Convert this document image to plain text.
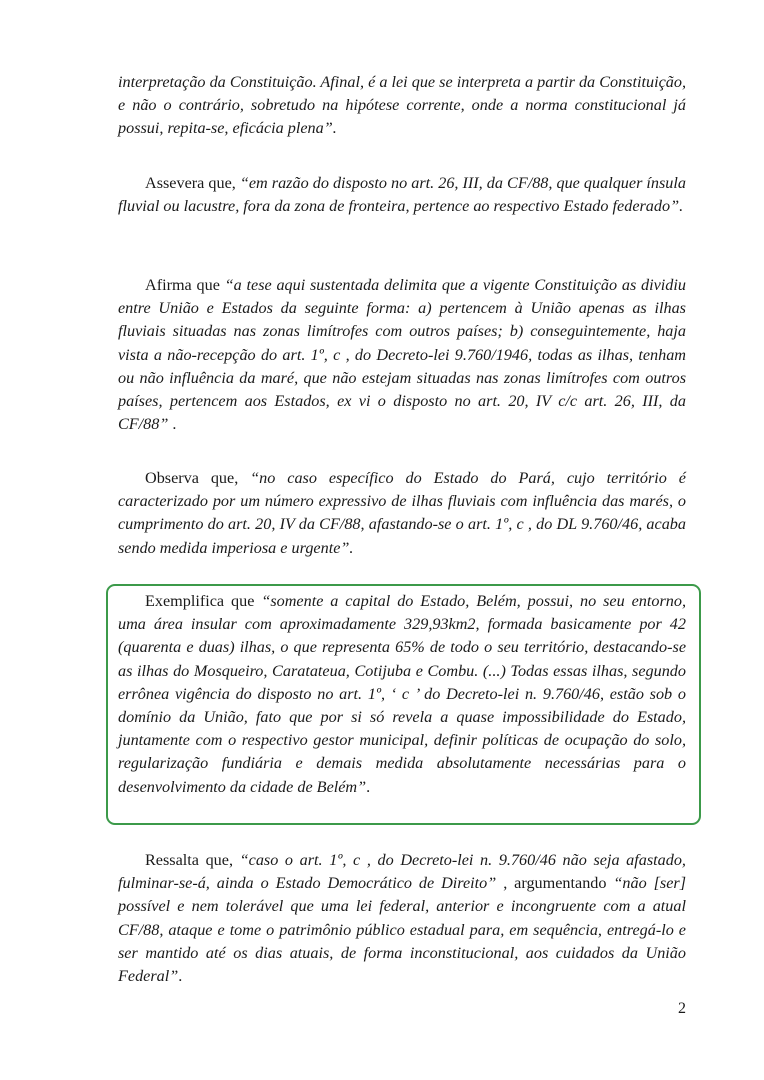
interpretação da Constituição. Afinal, é a lei que se interpreta a partir da Constituição, e não o contrário, sobretudo na hipótese corrente, onde a norma constitucional já possui, repita-se, eficácia plena”.

Assevera que, “em razão do disposto no art. 26, III, da CF/88, que qualquer ínsula fluvial ou lacustre, fora da zona de fronteira, pertence ao respectivo Estado federado”.

Afirma que “a tese aqui sustentada delimita que a vigente Constituição as dividiu entre União e Estados da seguinte forma: a) pertencem à União apenas as ilhas fluviais situadas nas zonas limítrofes com outros países; b) conseguintemente, haja vista a não-recepção do art. 1º, c , do Decreto-lei 9.760/1946, todas as ilhas, tenham ou não influência da maré, que não estejam situadas nas zonas limítrofes com outros países, pertencem aos Estados, ex vi o disposto no art. 20, IV c/c art. 26, III, da CF/88” .

Observa que, “no caso específico do Estado do Pará, cujo território é caracterizado por um número expressivo de ilhas fluviais com influência das marés, o cumprimento do art. 20, IV da CF/88, afastando-se o art. 1º, c , do DL 9.760/46, acaba sendo medida imperiosa e urgente”.

Exemplifica que “somente a capital do Estado, Belém, possui, no seu entorno, uma área insular com aproximadamente 329,93km2, formada basicamente por 42 (quarenta e duas) ilhas, o que representa 65% de todo o seu território, destacando-se as ilhas do Mosqueiro, Caratateua, Cotijuba e Combu. (...) Todas essas ilhas, segundo errônea vigência do disposto no art. 1º, ‘ c ’ do Decreto-lei n. 9.760/46, estão sob o domínio da União, fato que por si só revela a quase impossibilidade do Estado, juntamente com o respectivo gestor municipal, definir políticas de ocupação do solo, regularização fundiária e demais medida absolutamente necessárias para o desenvolvimento da cidade de Belém”.

Ressalta que, “caso o art. 1º, c , do Decreto-lei n. 9.760/46 não seja afastado, fulminar-se-á, ainda o Estado Democrático de Direito” , argumentando “não [ser] possível e nem tolerável que uma lei federal, anterior e incongruente com a atual CF/88, ataque e tome o patrimônio público estadual para, em sequência, entregá-lo e ser mantido até os dias atuais, de forma inconstitucional, aos cuidados da União Federal”.

2
